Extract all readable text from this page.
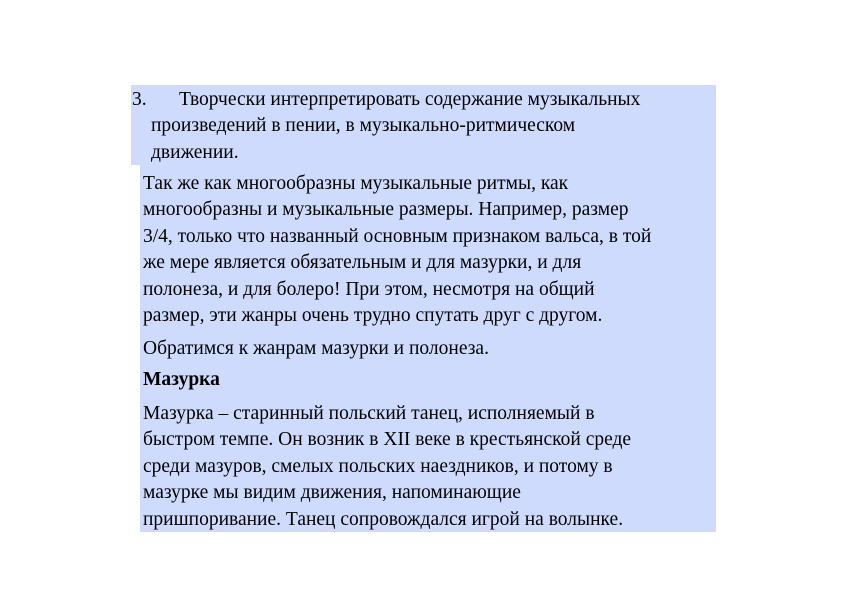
3. Творчески интерпретировать содержание музыкальных
произведений в пении, в музыкально-ритмическом
движении.

Так же как многообразны музыкальные ритмы, как
многообразны и музыкальные размеры. Например, размер
3/4, только что названный основным признаком вальса, в той
же мере является обязательным и для мазурки, и для
полонеза, и для болеро! При этом, несмотря на общий
размер, эти жанры очень трудно спутать друг с другом.

Обратимся к жанрам мазурки и полонеза.

Мазурка

Мазурка – старинный польский танец, исполняемый в
быстром темпе. Он возник в XII веке в крестьянской среде
среди мазуров, смелых польских наездников, и потому в
мазурке мы видим движения, напоминающие
пришпоривание. Танец сопровождался игрой на волынке.
